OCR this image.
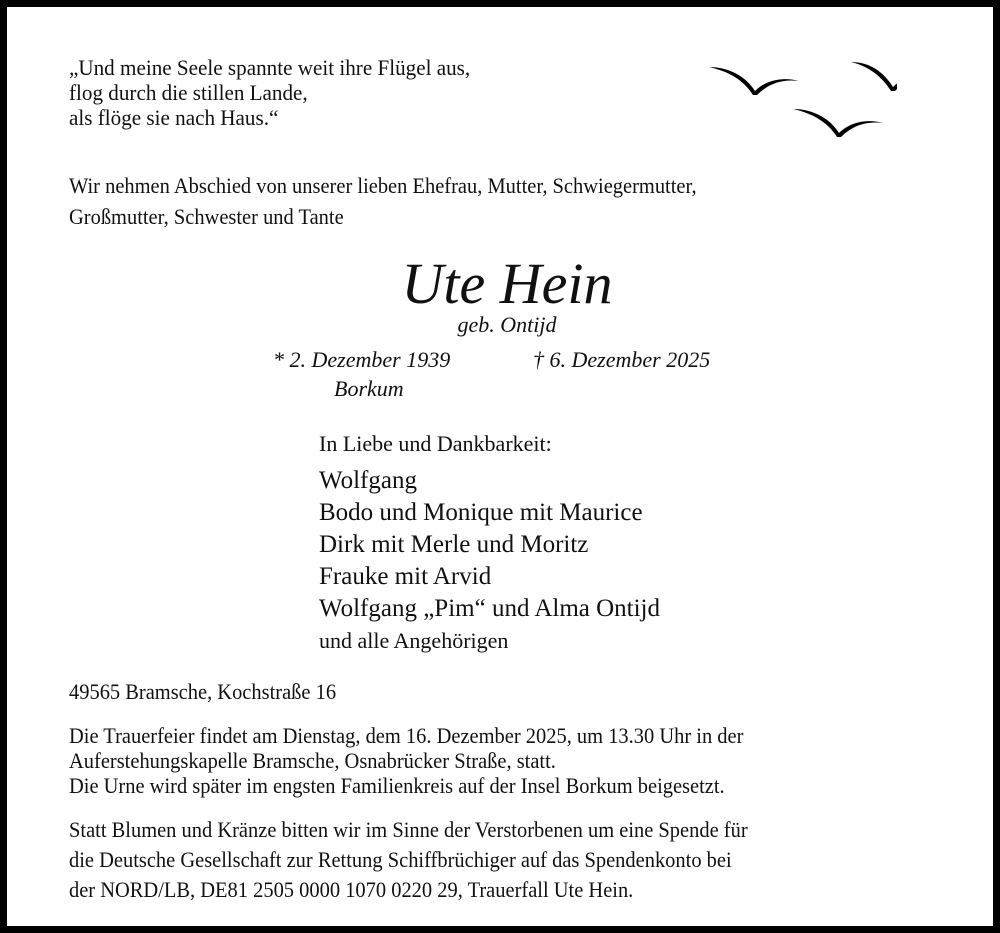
„Und meine Seele spannte weit ihre Flügel aus,
flog durch die stillen Lande,
als flöge sie nach Haus.“
Wir nehmen Abschied von unserer lieben Ehefrau, Mutter, Schwiegermutter,
Großmutter, Schwester und Tante
Ute Hein
geb. Ontijd
* 2. Dezember 1939	† 6. Dezember 2025
Borkum
In Liebe und Dankbarkeit:
Wolfgang
Bodo und Monique mit Maurice
Dirk mit Merle und Moritz
Frauke mit Arvid
Wolfgang „Pim“ und Alma Ontijd
und alle Angehörigen
49565 Bramsche, Kochstraße 16
Die Trauerfeier findet am Dienstag, dem 16. Dezember 2025, um 13.30 Uhr in der
Auferstehungskapelle Bramsche, Osnabrücker Straße, statt.
Die Urne wird später im engsten Familienkreis auf der Insel Borkum beigesetzt.
Statt Blumen und Kränze bitten wir im Sinne der Verstorbenen um eine Spende für
die Deutsche Gesellschaft zur Rettung Schiffbrüchiger auf das Spendenkonto bei
der NORD/LB, DE81 2505 0000 1070 0220 29, Trauerfall Ute Hein.
